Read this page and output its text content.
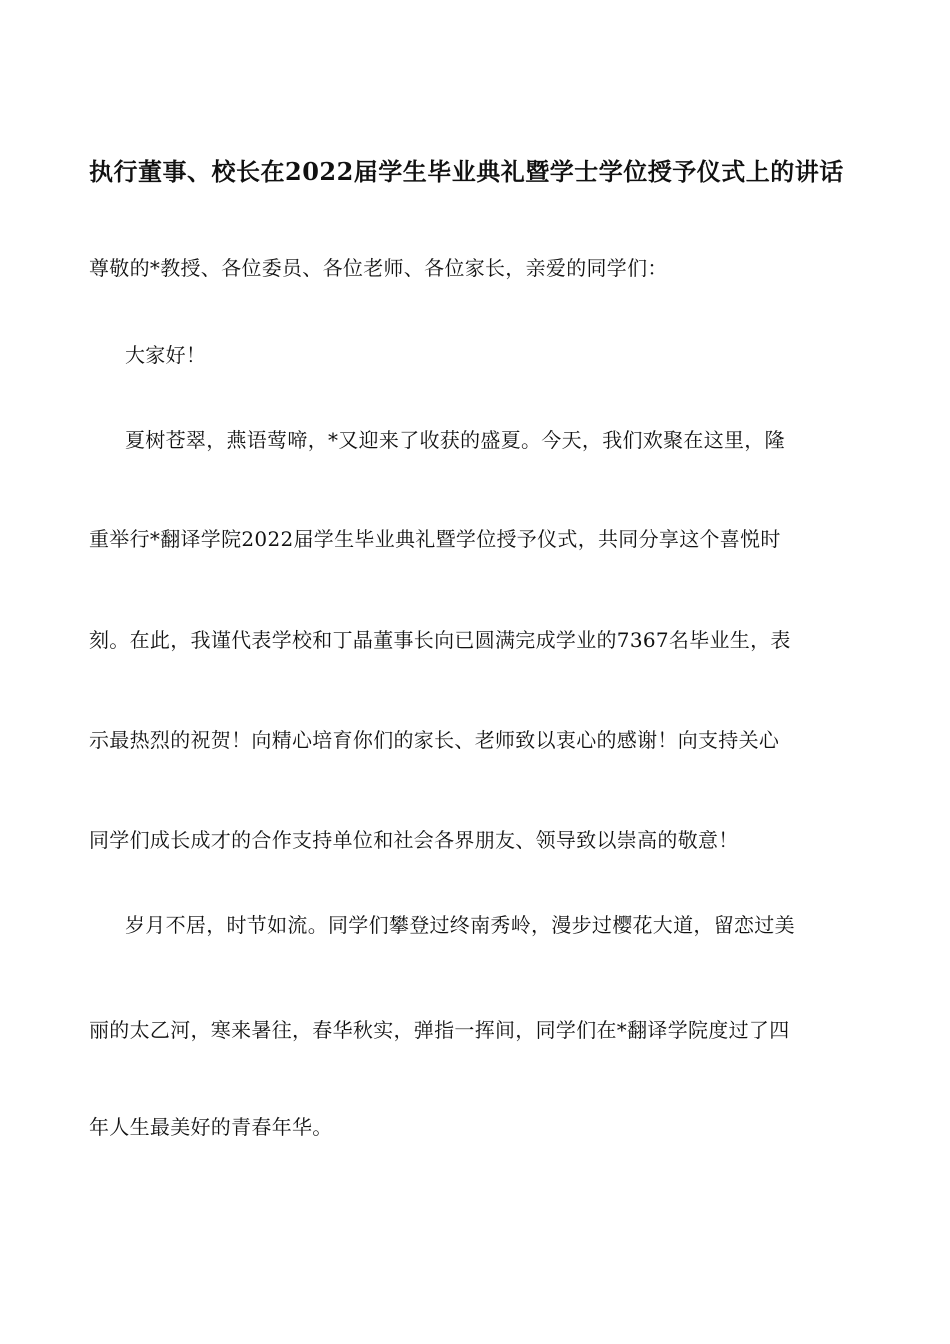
执行董事、校长在2022届学生毕业典礼暨学士学位授予仪式上的讲话
尊敬的*教授、各位委员、各位老师、各位家长，亲爱的同学们：
大家好！
夏树苍翠，燕语莺啼，*又迎来了收获的盛夏。今天，我们欢聚在这里，隆
重举行*翻译学院2022届学生毕业典礼暨学位授予仪式，共同分享这个喜悦时
刻。在此，我谨代表学校和丁晶董事长向已圆满完成学业的7367名毕业生，表
示最热烈的祝贺！向精心培育你们的家长、老师致以衷心的感谢！向支持关心
同学们成长成才的合作支持单位和社会各界朋友、领导致以崇高的敬意！
岁月不居，时节如流。同学们攀登过终南秀岭，漫步过樱花大道，留恋过美
丽的太乙河，寒来暑往，春华秋实，弹指一挥间，同学们在*翻译学院度过了四
年人生最美好的青春年华。
